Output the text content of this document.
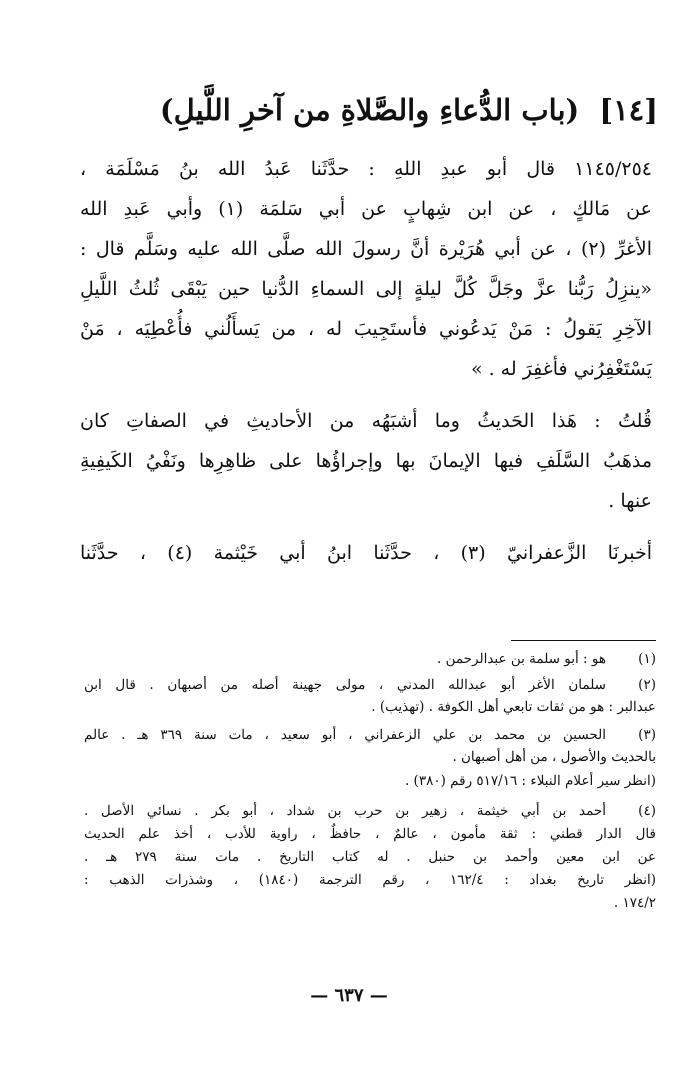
[١٤] (باب الدُّعاءِ والصَّلاةِ من آخرِ اللَّيلِ)
١١٤٥/٢٥٤ قال أبو عبدِ اللهِ : حدَّثَنا عَبدُ الله بنُ مَسْلَمَة ،
عن مَالكٍ ، عن ابن شِهابٍ عن أبي سَلمَة (١) وأبي عَبدِ الله
الأغرِّ (٢) ، عن أبي هُرَيْرة أنَّ رسولَ الله صلَّى الله عليه وسَلَّم قال :
«ينزِلُ رَبُّنا عزَّ وجَلَّ كُلَّ ليلةٍ إلى السماءِ الدُّنيا حين يَبْقَى ثُلثُ اللَّيلِ
الآخِرِ يَقولُ : مَنْ يَدعُوني فأستَجِيبَ له ، من يَسأَلُني فأُعْطِيَه ، مَنْ
يَسْتَغْفِرُني فأغفِرَ له . »
قُلتُ : هَذا الحَديثُ وما أشبَهُه من الأحاديثِ في الصفاتِ كان
مذهَبُ السَّلَفِ فيها الإيمانَ بها وإجراؤُها على ظاهِرِها ونَفْيُ الكَيفِيةِ
عنها .
أخبرنَا الزَّعفرانيّ (٣) ، حدَّثَنا ابنُ أبي خَيْثمة (٤) ، حدَّثَنا
(١)
هو : أبو سلمة بن عبدالرحمن .
(٢)
سلمان الأغر أبو عبدالله المدني ، مولى جهينة أصله من أصبهان . قال ابن
عبدالبر : هو من ثقات تابعي أهل الكوفة . (تهذيب) .
(٣)
الحسين بن محمد بن علي الزعفراني ، أبو سعيد ، مات سنة ٣٦٩ هـ . عالم
بالحديث والأصول ، من أهل أصبهان .
(انظر سير أعلام النبلاء : ٥١٧/١٦ رقم (٣٨٠) .
(٤)
أحمد بن أبي خيثمة ، زهير بن حرب بن شداد ، أبو بكر . نسائي الأصل .
قال الدار قطني : ثقة مأمون ، عالمٌ ، حافظٌ ، راوية للأدب ، أخذ علم الحديث
عن ابن معين وأحمد بن حنبل . له كتاب التاريخ . مات سنة ٢٧٩ هـ .
(انظر تاريخ بغداد : ١٦٢/٤ ، رقم الترجمة (١٨٤٠) ، وشذرات الذهب :
١٧٤/٢ .
— ٦٣٧ —
